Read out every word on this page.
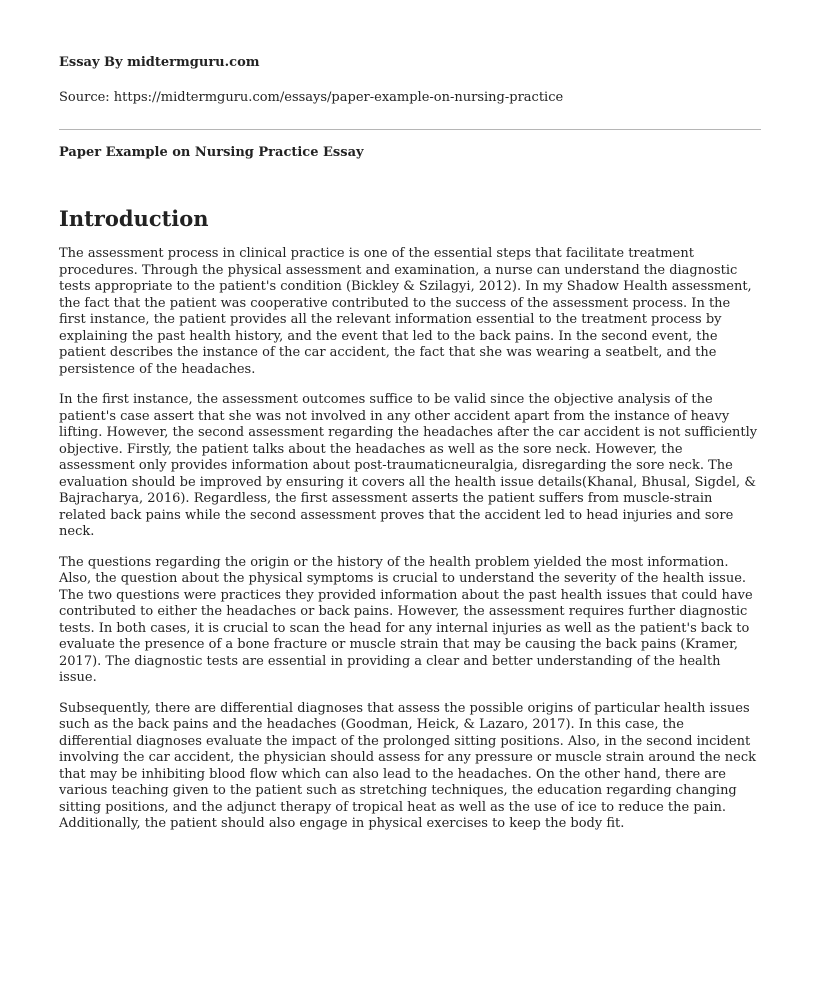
Essay By midtermguru.com
Source: https://midtermguru.com/essays/paper-example-on-nursing-practice
Paper Example on Nursing Practice Essay
Introduction

The assessment process in clinical practice is one of the essential steps that facilitate treatment procedures. Through the physical assessment and examination, a nurse can understand the diagnostic tests appropriate to the patient's condition (Bickley & Szilagyi, 2012). In my Shadow Health assessment, the fact that the patient was cooperative contributed to the success of the assessment process. In the first instance, the patient provides all the relevant information essential to the treatment process by explaining the past health history, and the event that led to the back pains. In the second event, the patient describes the instance of the car accident, the fact that she was wearing a seatbelt, and the persistence of the headaches.

In the first instance, the assessment outcomes suffice to be valid since the objective analysis of the patient's case assert that she was not involved in any other accident apart from the instance of heavy lifting. However, the second assessment regarding the headaches after the car accident is not sufficiently objective. Firstly, the patient talks about the headaches as well as the sore neck. However, the assessment only provides information about post-traumaticneuralgia, disregarding the sore neck. The evaluation should be improved by ensuring it covers all the health issue details(Khanal, Bhusal, Sigdel, & Bajracharya, 2016). Regardless, the first assessment asserts the patient suffers from muscle-strain related back pains while the second assessment proves that the accident led to head injuries and sore neck.

The questions regarding the origin or the history of the health problem yielded the most information. Also, the question about the physical symptoms is crucial to understand the severity of the health issue. The two questions were practices they provided information about the past health issues that could have contributed to either the headaches or back pains. However, the assessment requires further diagnostic tests. In both cases, it is crucial to scan the head for any internal injuries as well as the patient's back to evaluate the presence of a bone fracture or muscle strain that may be causing the back pains (Kramer, 2017). The diagnostic tests are essential in providing a clear and better understanding of the health issue.

Subsequently, there are differential diagnoses that assess the possible origins of particular health issues such as the back pains and the headaches (Goodman, Heick, & Lazaro, 2017). In this case, the differential diagnoses evaluate the impact of the prolonged sitting positions. Also, in the second incident involving the car accident, the physician should assess for any pressure or muscle strain around the neck that may be inhibiting blood flow which can also lead to the headaches. On the other hand, there are various teaching given to the patient such as stretching techniques, the education regarding changing sitting positions, and the adjunct therapy of tropical heat as well as the use of ice to reduce the pain. Additionally, the patient should also engage in physical exercises to keep the body fit.
